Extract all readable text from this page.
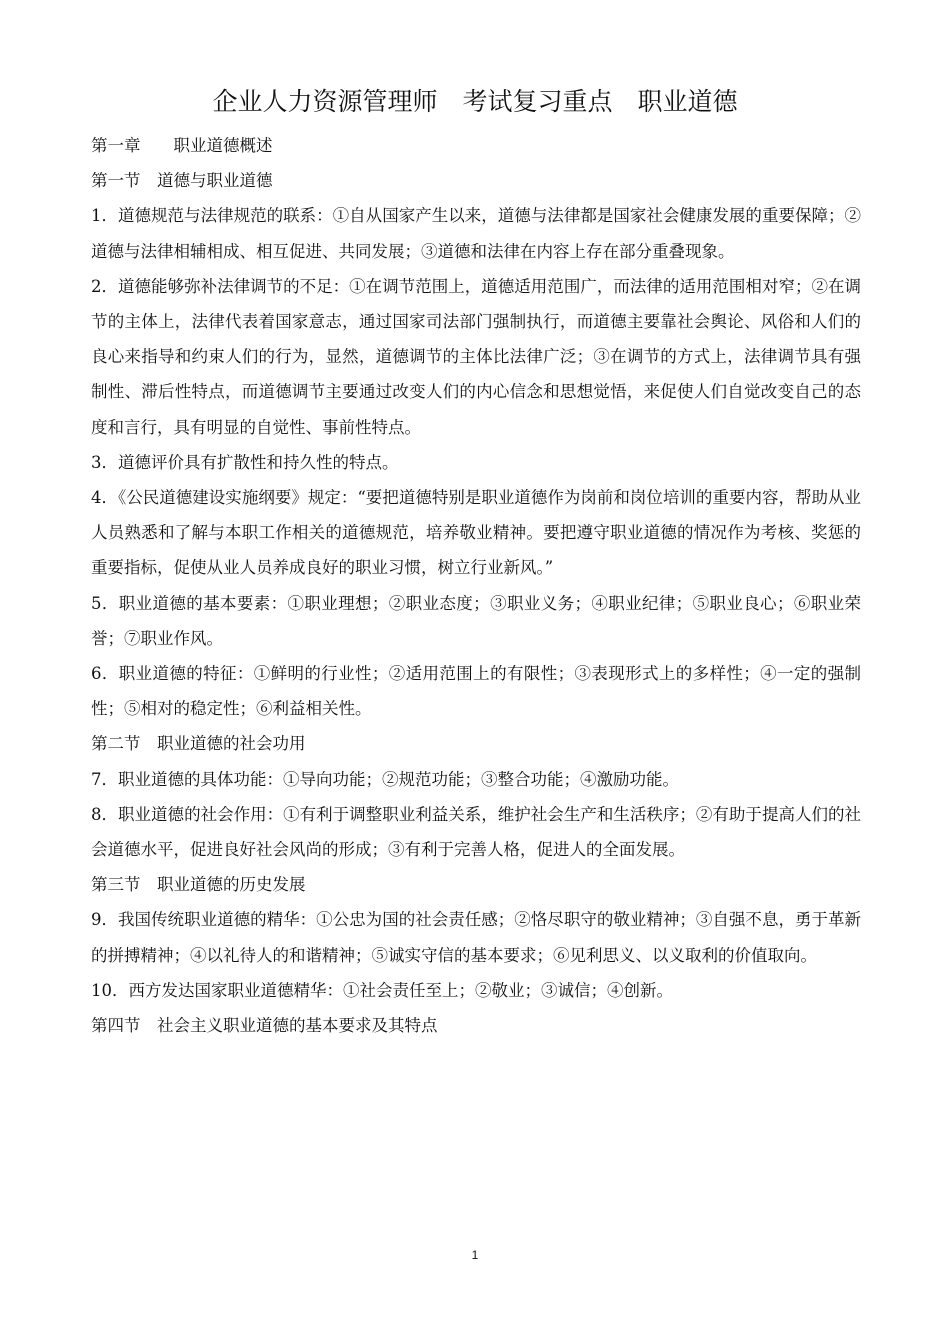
企业人力资源管理师　考试复习重点　职业道德

第一章　　职业道德概述

第一节　道德与职业道德

1．道德规范与法律规范的联系：①自从国家产生以来，道德与法律都是国家社会健康发展的重要保障；②道德与法律相辅相成、相互促进、共同发展；③道德和法律在内容上存在部分重叠现象。

2．道德能够弥补法律调节的不足：①在调节范围上，道德适用范围广，而法律的适用范围相对窄；②在调节的主体上，法律代表着国家意志，通过国家司法部门强制执行，而道德主要靠社会舆论、风俗和人们的良心来指导和约束人们的行为，显然，道德调节的主体比法律广泛；③在调节的方式上，法律调节具有强制性、滞后性特点，而道德调节主要通过改变人们的内心信念和思想觉悟，来促使人们自觉改变自己的态度和言行，具有明显的自觉性、事前性特点。

3．道德评价具有扩散性和持久性的特点。

4．《公民道德建设实施纲要》规定：“要把道德特别是职业道德作为岗前和岗位培训的重要内容，帮助从业人员熟悉和了解与本职工作相关的道德规范，培养敬业精神。要把遵守职业道德的情况作为考核、奖惩的重要指标，促使从业人员养成良好的职业习惯，树立行业新风。”

5．职业道德的基本要素：①职业理想；②职业态度；③职业义务；④职业纪律；⑤职业良心；⑥职业荣誉；⑦职业作风。

6．职业道德的特征：①鲜明的行业性；②适用范围上的有限性；③表现形式上的多样性；④一定的强制性；⑤相对的稳定性；⑥利益相关性。

第二节　职业道德的社会功用

7．职业道德的具体功能：①导向功能；②规范功能；③整合功能；④激励功能。

8．职业道德的社会作用：①有利于调整职业利益关系，维护社会生产和生活秩序；②有助于提高人们的社会道德水平，促进良好社会风尚的形成；③有利于完善人格，促进人的全面发展。

第三节　职业道德的历史发展

9．我国传统职业道德的精华：①公忠为国的社会责任感；②恪尽职守的敬业精神；③自强不息，勇于革新的拼搏精神；④以礼待人的和谐精神；⑤诚实守信的基本要求；⑥见利思义、以义取利的价值取向。

10．西方发达国家职业道德精华：①社会责任至上；②敬业；③诚信；④创新。

第四节　社会主义职业道德的基本要求及其特点

1
